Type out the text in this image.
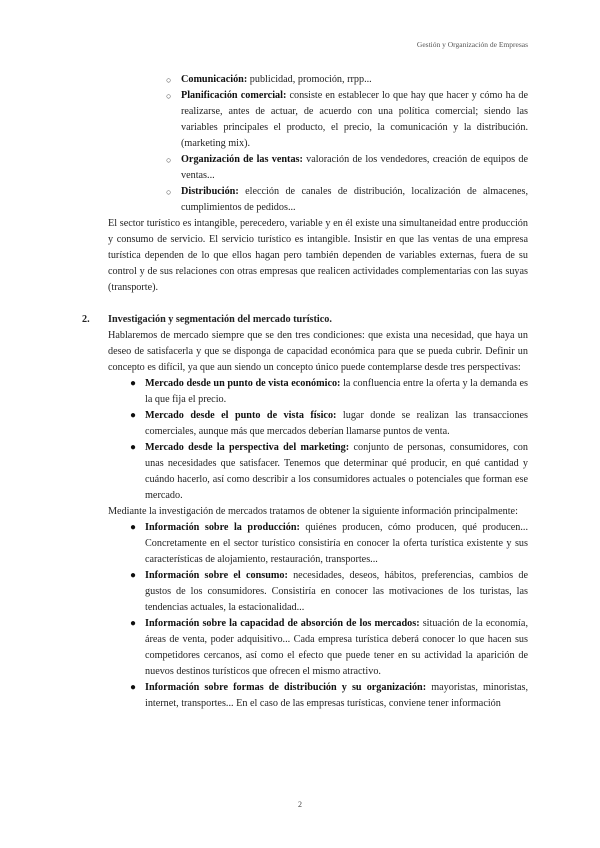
Gestión y Organización de Empresas
○ Comunicación: publicidad, promoción, rrpp...
○ Planificación comercial: consiste en establecer lo que hay que hacer y cómo ha de realizarse, antes de actuar, de acuerdo con una política comercial; siendo las variables principales el producto, el precio, la comunicación y la distribución. (marketing mix).
○ Organización de las ventas: valoración de los vendedores, creación de equipos de ventas...
○ Distribución: elección de canales de distribución, localización de almacenes, cumplimientos de pedidos...

El sector turístico es intangible, perecedero, variable y en él existe una simultaneidad entre producción y consumo de servicio. El servicio turístico es intangible. Insistir en que las ventas de una empresa turística dependen de lo que ellos hagan pero también dependen de variables externas, fuera de su control y de sus relaciones con otras empresas que realicen actividades complementarias con las suyas (transporte).

2. Investigación y segmentación del mercado turístico.

Hablaremos de mercado siempre que se den tres condiciones: que exista una necesidad, que haya un deseo de satisfacerla y que se disponga de capacidad económica para que se pueda cubrir. Definir un concepto es difícil, ya que aun siendo un concepto único puede contemplarse desde tres perspectivas:

● Mercado desde un punto de vista económico: la confluencia entre la oferta y la demanda es la que fija el precio.
● Mercado desde el punto de vista físico: lugar donde se realizan las transacciones comerciales, aunque más que mercados deberían llamarse puntos de venta.
● Mercado desde la perspectiva del marketing: conjunto de personas, consumidores, con unas necesidades que satisfacer. Tenemos que determinar qué producir, en qué cantidad y cuándo hacerlo, así como describir a los consumidores actuales o potenciales que forman ese mercado.

Mediante la investigación de mercados tratamos de obtener la siguiente información principalmente:

● Información sobre la producción: quiénes producen, cómo producen, qué producen... Concretamente en el sector turístico consistiría en conocer la oferta turística existente y sus características de alojamiento, restauración, transportes...
● Información sobre el consumo: necesidades, deseos, hábitos, preferencias, cambios de gustos de los consumidores. Consistiría en conocer las motivaciones de los turistas, las tendencias actuales, la estacionalidad...
● Información sobre la capacidad de absorción de los mercados: situación de la economía, áreas de venta, poder adquisitivo... Cada empresa turística deberá conocer lo que hacen sus competidores cercanos, así como el efecto que puede tener en su actividad la aparición de nuevos destinos turísticos que ofrecen el mismo atractivo.
● Información sobre formas de distribución y su organización: mayoristas, minoristas, internet, transportes... En el caso de las empresas turísticas, conviene tener información
2
